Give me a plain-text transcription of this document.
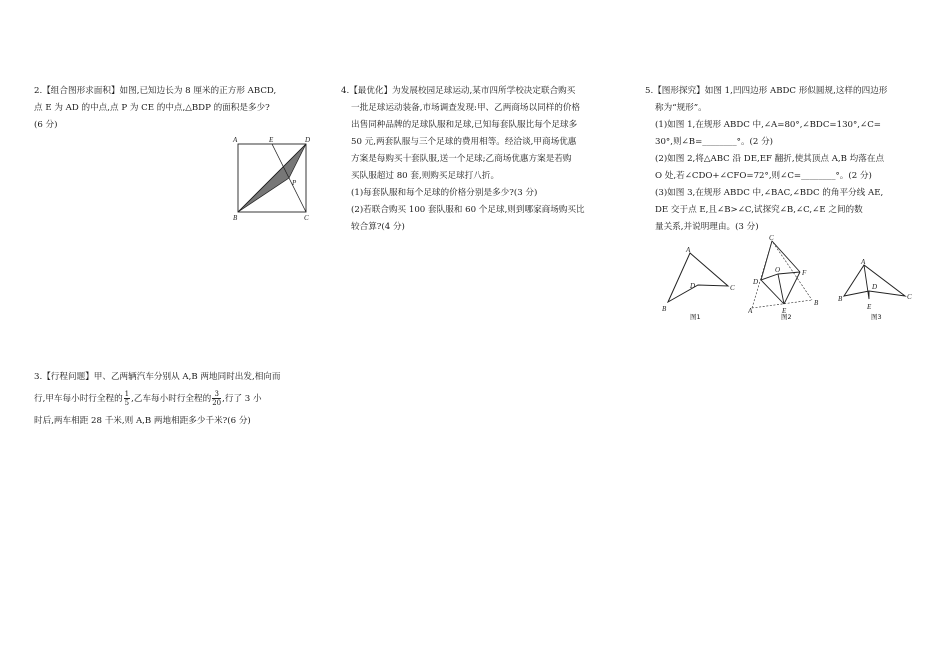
2.【组合图形求面积】如图,已知边长为 8 厘米的正方形 ABCD,

点 E 为 AD 的中点,点 P 为 CE 的中点,△BDP 的面积是多少?

(6 分)

A	E	D
P
B	C

3.【行程问题】甲、乙两辆汽车分别从 A,B 两地同时出发,相向而

行,甲车每小时行全程的 $\frac{1}{5}$ ,乙车每小时行全程的 $\frac{3}{20}$ ,行了 3 小

时后,两车相距 28 千米,则 A,B 两地相距多少千米?(6 分)

4.【最优化】为发展校园足球运动,某市四所学校决定联合购买

一批足球运动装备,市场调查发现:甲、乙两商场以同样的价格

出售同种品牌的足球队服和足球,已知每套队服比每个足球多

50 元,两套队服与三个足球的费用相等。经洽谈,甲商场优惠

方案是每购买十套队服,送一个足球;乙商场优惠方案是若购

买队服超过 80 套,则购买足球打八折。

(1)每套队服和每个足球的价格分别是多少?(3 分)

(2)若联合购买 100 套队服和 60 个足球,则到哪家商场购买比

较合算?(4 分)

5.【图形探究】如图 1,凹四边形 ABDC 形似圆规,这样的四边形

称为“规形”。

(1)如图 1,在规形 ABDC 中,∠A=80°,∠BDC=130°,∠C=

30°,则∠B=________°。(2 分)

(2)如图 2,将△ABC 沿 DE,EF 翻折,使其顶点 A,B 均落在点

O 处,若∠CDO+∠CFO=72°,则∠C=________°。(2 分)

(3)如图 3,在规形 ABDC 中,∠BAC,∠BDC 的角平分线 AE,

DE 交于点 E,且∠B>∠C,试探究∠B,∠C,∠E 之间的数

量关系,并说明理由。(3 分)

A
B
C
D
图1
C
O
D
F
A	E
B
图2
A
B	C
D
E
图3
